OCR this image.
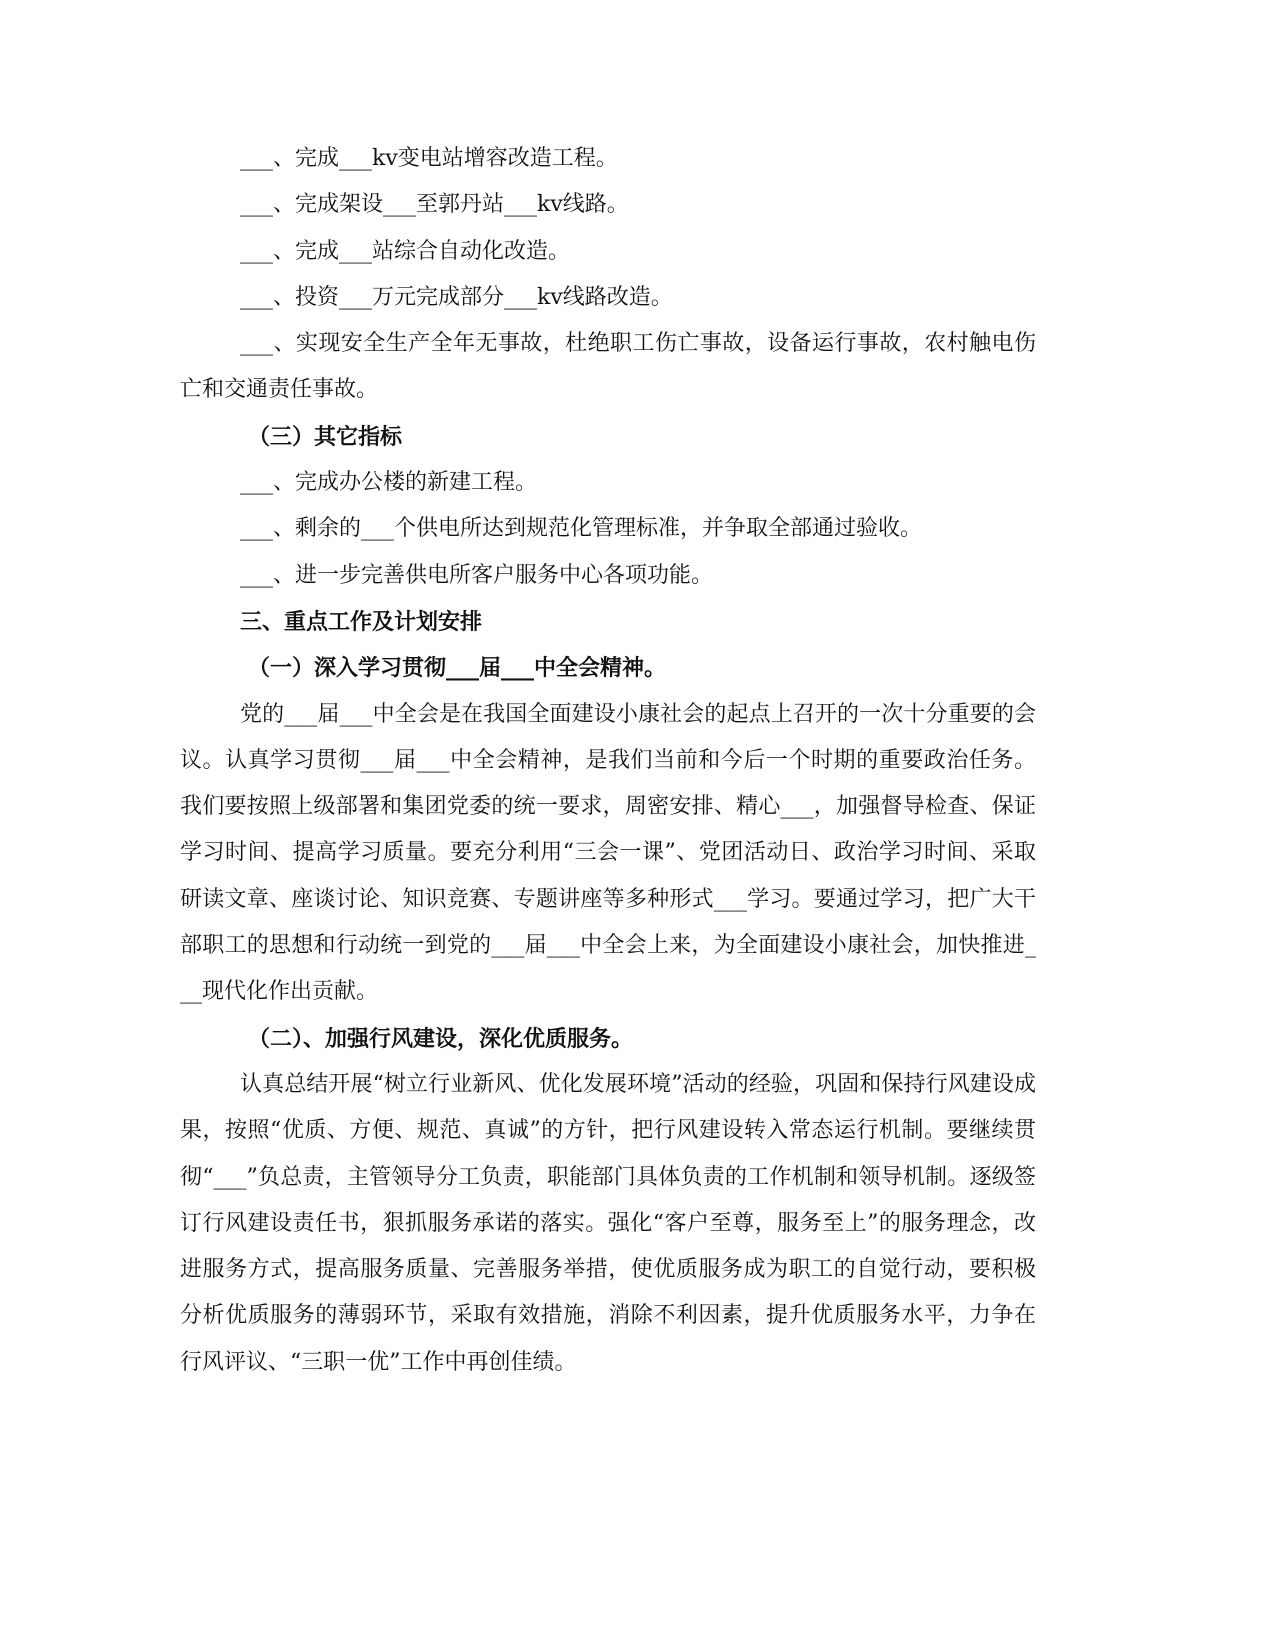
___、完成___kv变电站增容改造工程。

___、完成架设___至郭丹站___kv线路。

___、完成___站综合自动化改造。

___、投资___万元完成部分___kv线路改造。

___、实现安全生产全年无事故，杜绝职工伤亡事故，设备运行事故，农村触电伤亡和交通责任事故。

（三）其它指标

___、完成办公楼的新建工程。

___、剩余的___个供电所达到规范化管理标准，并争取全部通过验收。

___、进一步完善供电所客户服务中心各项功能。

三、重点工作及计划安排

（一）深入学习贯彻___届___中全会精神。

党的___届___中全会是在我国全面建设小康社会的起点上召开的一次十分重要的会议。认真学习贯彻___届___中全会精神，是我们当前和今后一个时期的重要政治任务。我们要按照上级部署和集团党委的统一要求，周密安排、精心___，加强督导检查、保证学习时间、提高学习质量。要充分利用“三会一课”、党团活动日、政治学习时间、采取研读文章、座谈讨论、知识竞赛、专题讲座等多种形式___学习。要通过学习，把广大干部职工的思想和行动统一到党的___届___中全会上来，为全面建设小康社会，加快推进___现代化作出贡献。

（二）、加强行风建设，深化优质服务。

认真总结开展“树立行业新风、优化发展环境”活动的经验，巩固和保持行风建设成果，按照“优质、方便、规范、真诚”的方针，把行风建设转入常态运行机制。要继续贯彻“___”负总责，主管领导分工负责，职能部门具体负责的工作机制和领导机制。逐级签订行风建设责任书，狠抓服务承诺的落实。强化“客户至尊，服务至上”的服务理念，改进服务方式，提高服务质量、完善服务举措，使优质服务成为职工的自觉行动，要积极分析优质服务的薄弱环节，采取有效措施，消除不利因素，提升优质服务水平，力争在行风评议、“三职一优”工作中再创佳绩。
